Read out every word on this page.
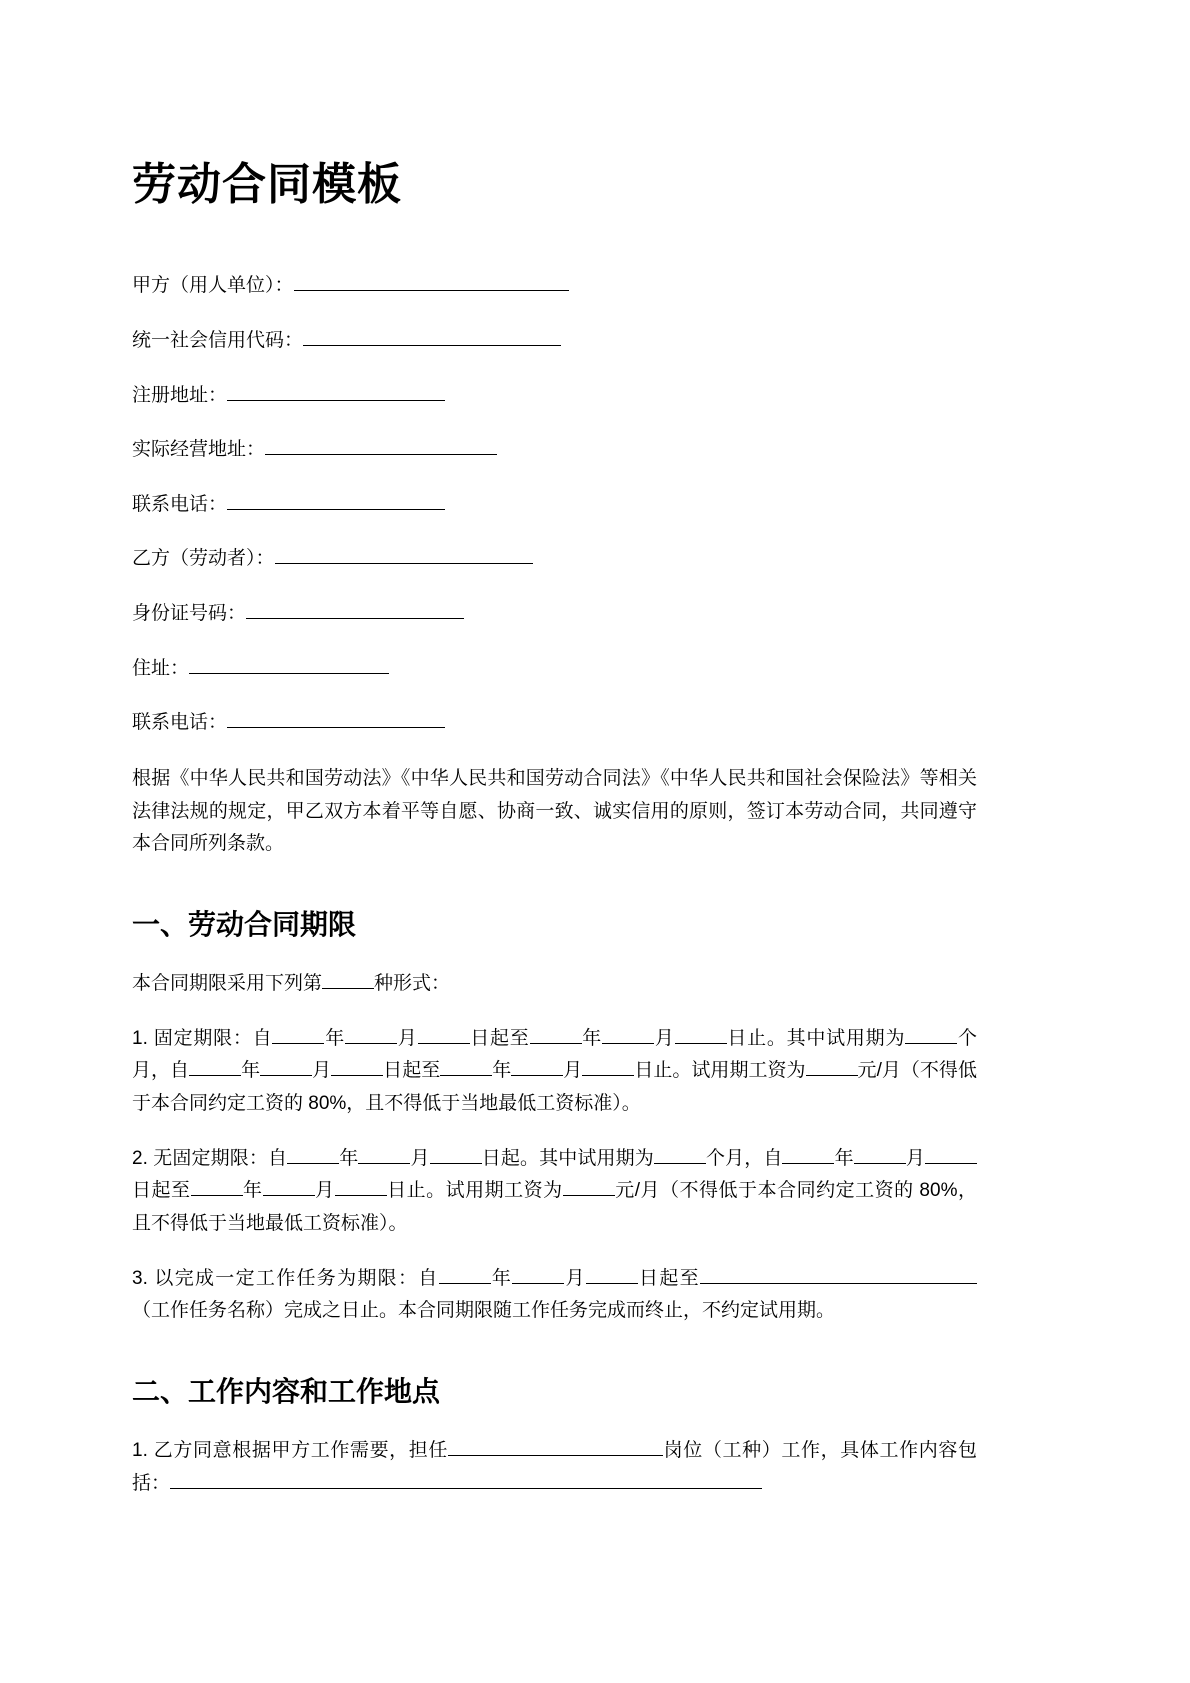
劳动合同模板

甲方（用人单位）：

统一社会信用代码：

注册地址：

实际经营地址：

联系电话：

乙方（劳动者）：

身份证号码：

住址：

联系电话：

根据《中华人民共和国劳动法》《中华人民共和国劳动合同法》《中华人民共和国社会保险法》等相关法律法规的规定，甲乙双方本着平等自愿、协商一致、诚实信用的原则，签订本劳动合同，共同遵守本合同所列条款。

一、劳动合同期限

本合同期限采用下列第	种形式：

1. 固定期限：自	年	月	日起至	年	月	日止。其中试用期为	个月，自	年	月	日起至	年	月	日止。试用期工资为	元/月（不得低于本合同约定工资的 80%，且不得低于当地最低工资标准）。

2. 无固定期限：自	年	月	日起。其中试用期为	个月，自	年	月日起至	年	月	日止。试用期工资为	元/月（不得低于本合同约定工资的 80%，且不得低于当地最低工资标准）。

3. 以完成一定工作任务为期限：自	年	月	日起至（工作任务名称）完成之日止。本合同期限随工作任务完成而终止，不约定试用期。

二、工作内容和工作地点

1. 乙方同意根据甲方工作需要，担任	岗位（工种）工作，具体工作内容包括：
